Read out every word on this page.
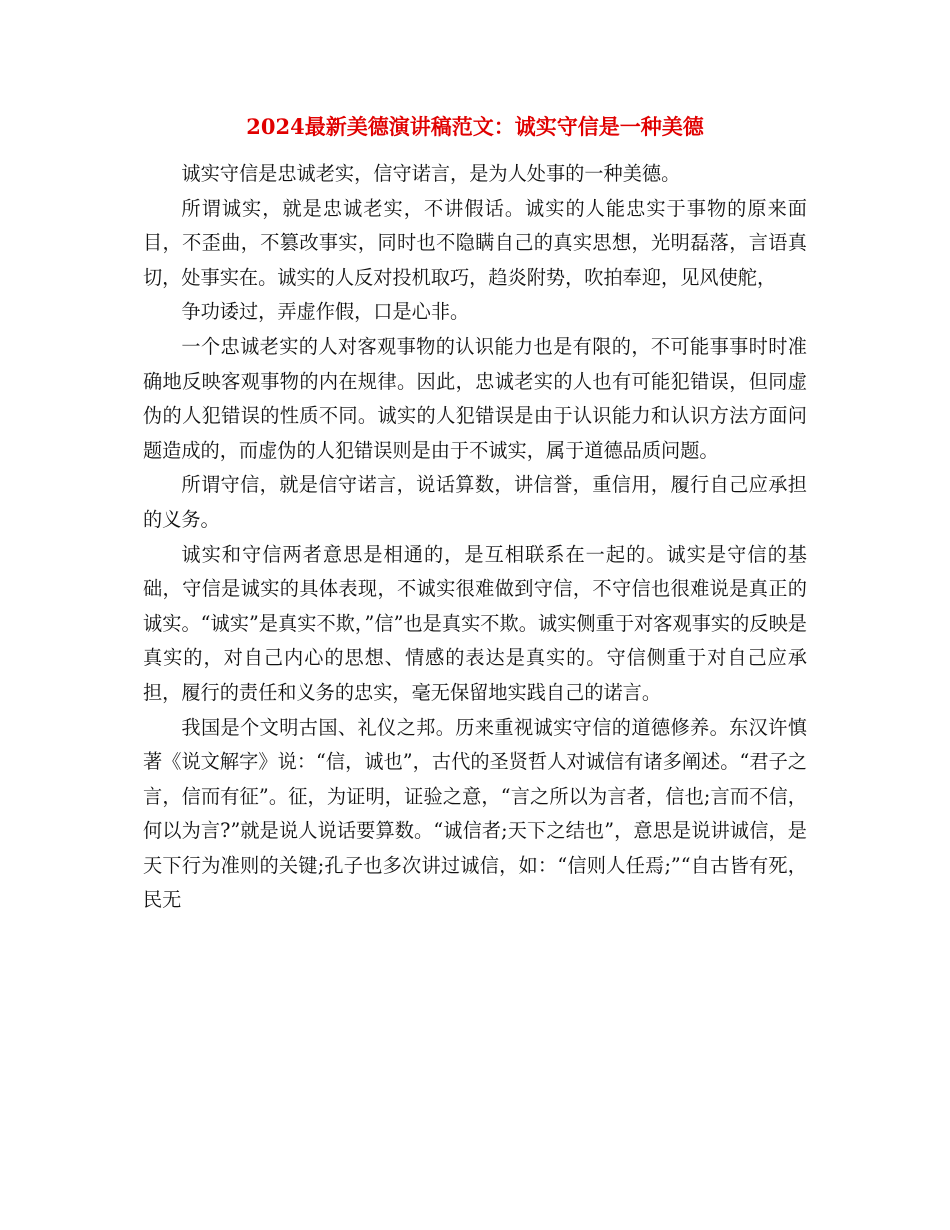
2024最新美德演讲稿范文：诚实守信是一种美德

诚实守信是忠诚老实，信守诺言，是为人处事的一种美德。

所谓诚实，就是忠诚老实，不讲假话。诚实的人能忠实于事物的原来面目，不歪曲，不篡改事实，同时也不隐瞒自己的真实思想，光明磊落，言语真切，处事实在。诚实的人反对投机取巧，趋炎附势，吹拍奉迎，见风使舵，

争功诿过，弄虚作假，口是心非。

一个忠诚老实的人对客观事物的认识能力也是有限的，不可能事事时时准确地反映客观事物的内在规律。因此，忠诚老实的人也有可能犯错误，但同虚伪的人犯错误的性质不同。诚实的人犯错误是由于认识能力和认识方法方面问题造成的，而虚伪的人犯错误则是由于不诚实，属于道德品质问题。

所谓守信，就是信守诺言，说话算数，讲信誉，重信用，履行自己应承担的义务。

诚实和守信两者意思是相通的，是互相联系在一起的。诚实是守信的基础，守信是诚实的具体表现，不诚实很难做到守信，不守信也很难说是真正的诚实。“诚实”是真实不欺，”信”也是真实不欺。诚实侧重于对客观事实的反映是真实的，对自己内心的思想、情感的表达是真实的。守信侧重于对自己应承担，履行的责任和义务的忠实，毫无保留地实践自己的诺言。

我国是个文明古国、礼仪之邦。历来重视诚实守信的道德修养。东汉许慎著《说文解字》说：“信，诚也”，古代的圣贤哲人对诚信有诸多阐述。“君子之言，信而有征”。征，为证明，证验之意，“言之所以为言者，信也;言而不信，何以为言?”就是说人说话要算数。“诚信者;天下之结也”，意思是说讲诚信，是天下行为准则的关键;孔子也多次讲过诚信，如：“信则人任焉;”“自古皆有死，民无
